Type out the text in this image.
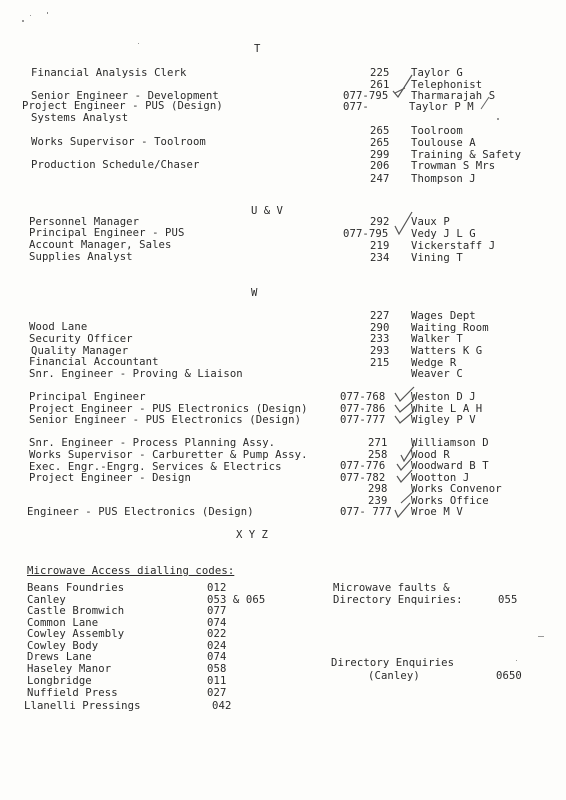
T
Financial Analysis Clerk	225 Taylor G
261 Telephonist
Senior Engineer - Development	077-795 Tharmarajah S
Project Engineer - PUS (Design)	077-	Taylor P M
Systems Analyst
265 Toolroom
Works Supervisor - Toolroom	265 Toulouse A
299 Training & Safety
Production Schedule/Chaser	206 Trowman S Mrs
247 Thompson J
U & V
Personnel Manager	292 Vaux P
Principal Engineer - PUS	077-795 Vedy J L G
Account Manager, Sales	219 Vickerstaff J
Supplies Analyst	234 Vining T
W
227 Wages Dept
Wood Lane	290 Waiting Room
Security Officer	233 Walker T
Quality Manager	293 Watters K G
Financial Accountant	215 Wedge R
Snr. Engineer - Proving & Liaison	Weaver C
Principal Engineer	077-768 Weston D J
Project Engineer - PUS Electronics (Design)	077-786 White L A H
Senior Engineer - PUS Electronics (Design)	077-777 Wigley P V
Snr. Engineer - Process Planning Assy.	271 Williamson D
Works Supervisor - Carburetter & Pump Assy.	258 Wood R
Exec. Engr.-Engrg. Services & Electrics	077-776 Woodward B T
Project Engineer - Design	077-782 Wootton J
298 Works Convenor
239 Works Office
Engineer - PUS Electronics (Design)	077- 777 Wroe M V
X Y Z
Microwave Access dialling codes:
Beans Foundries	012
Canley	053 & 065
Castle Bromwich	077
Common Lane	074
Cowley Assembly	022
Cowley Body	024
Drews Lane	074
Haseley Manor	058
Longbridge	011
Nuffield Press	027
Llanelli Pressings	042
Microwave faults &
Directory Enquiries:	055
Directory Enquiries
(Canley)	0650
